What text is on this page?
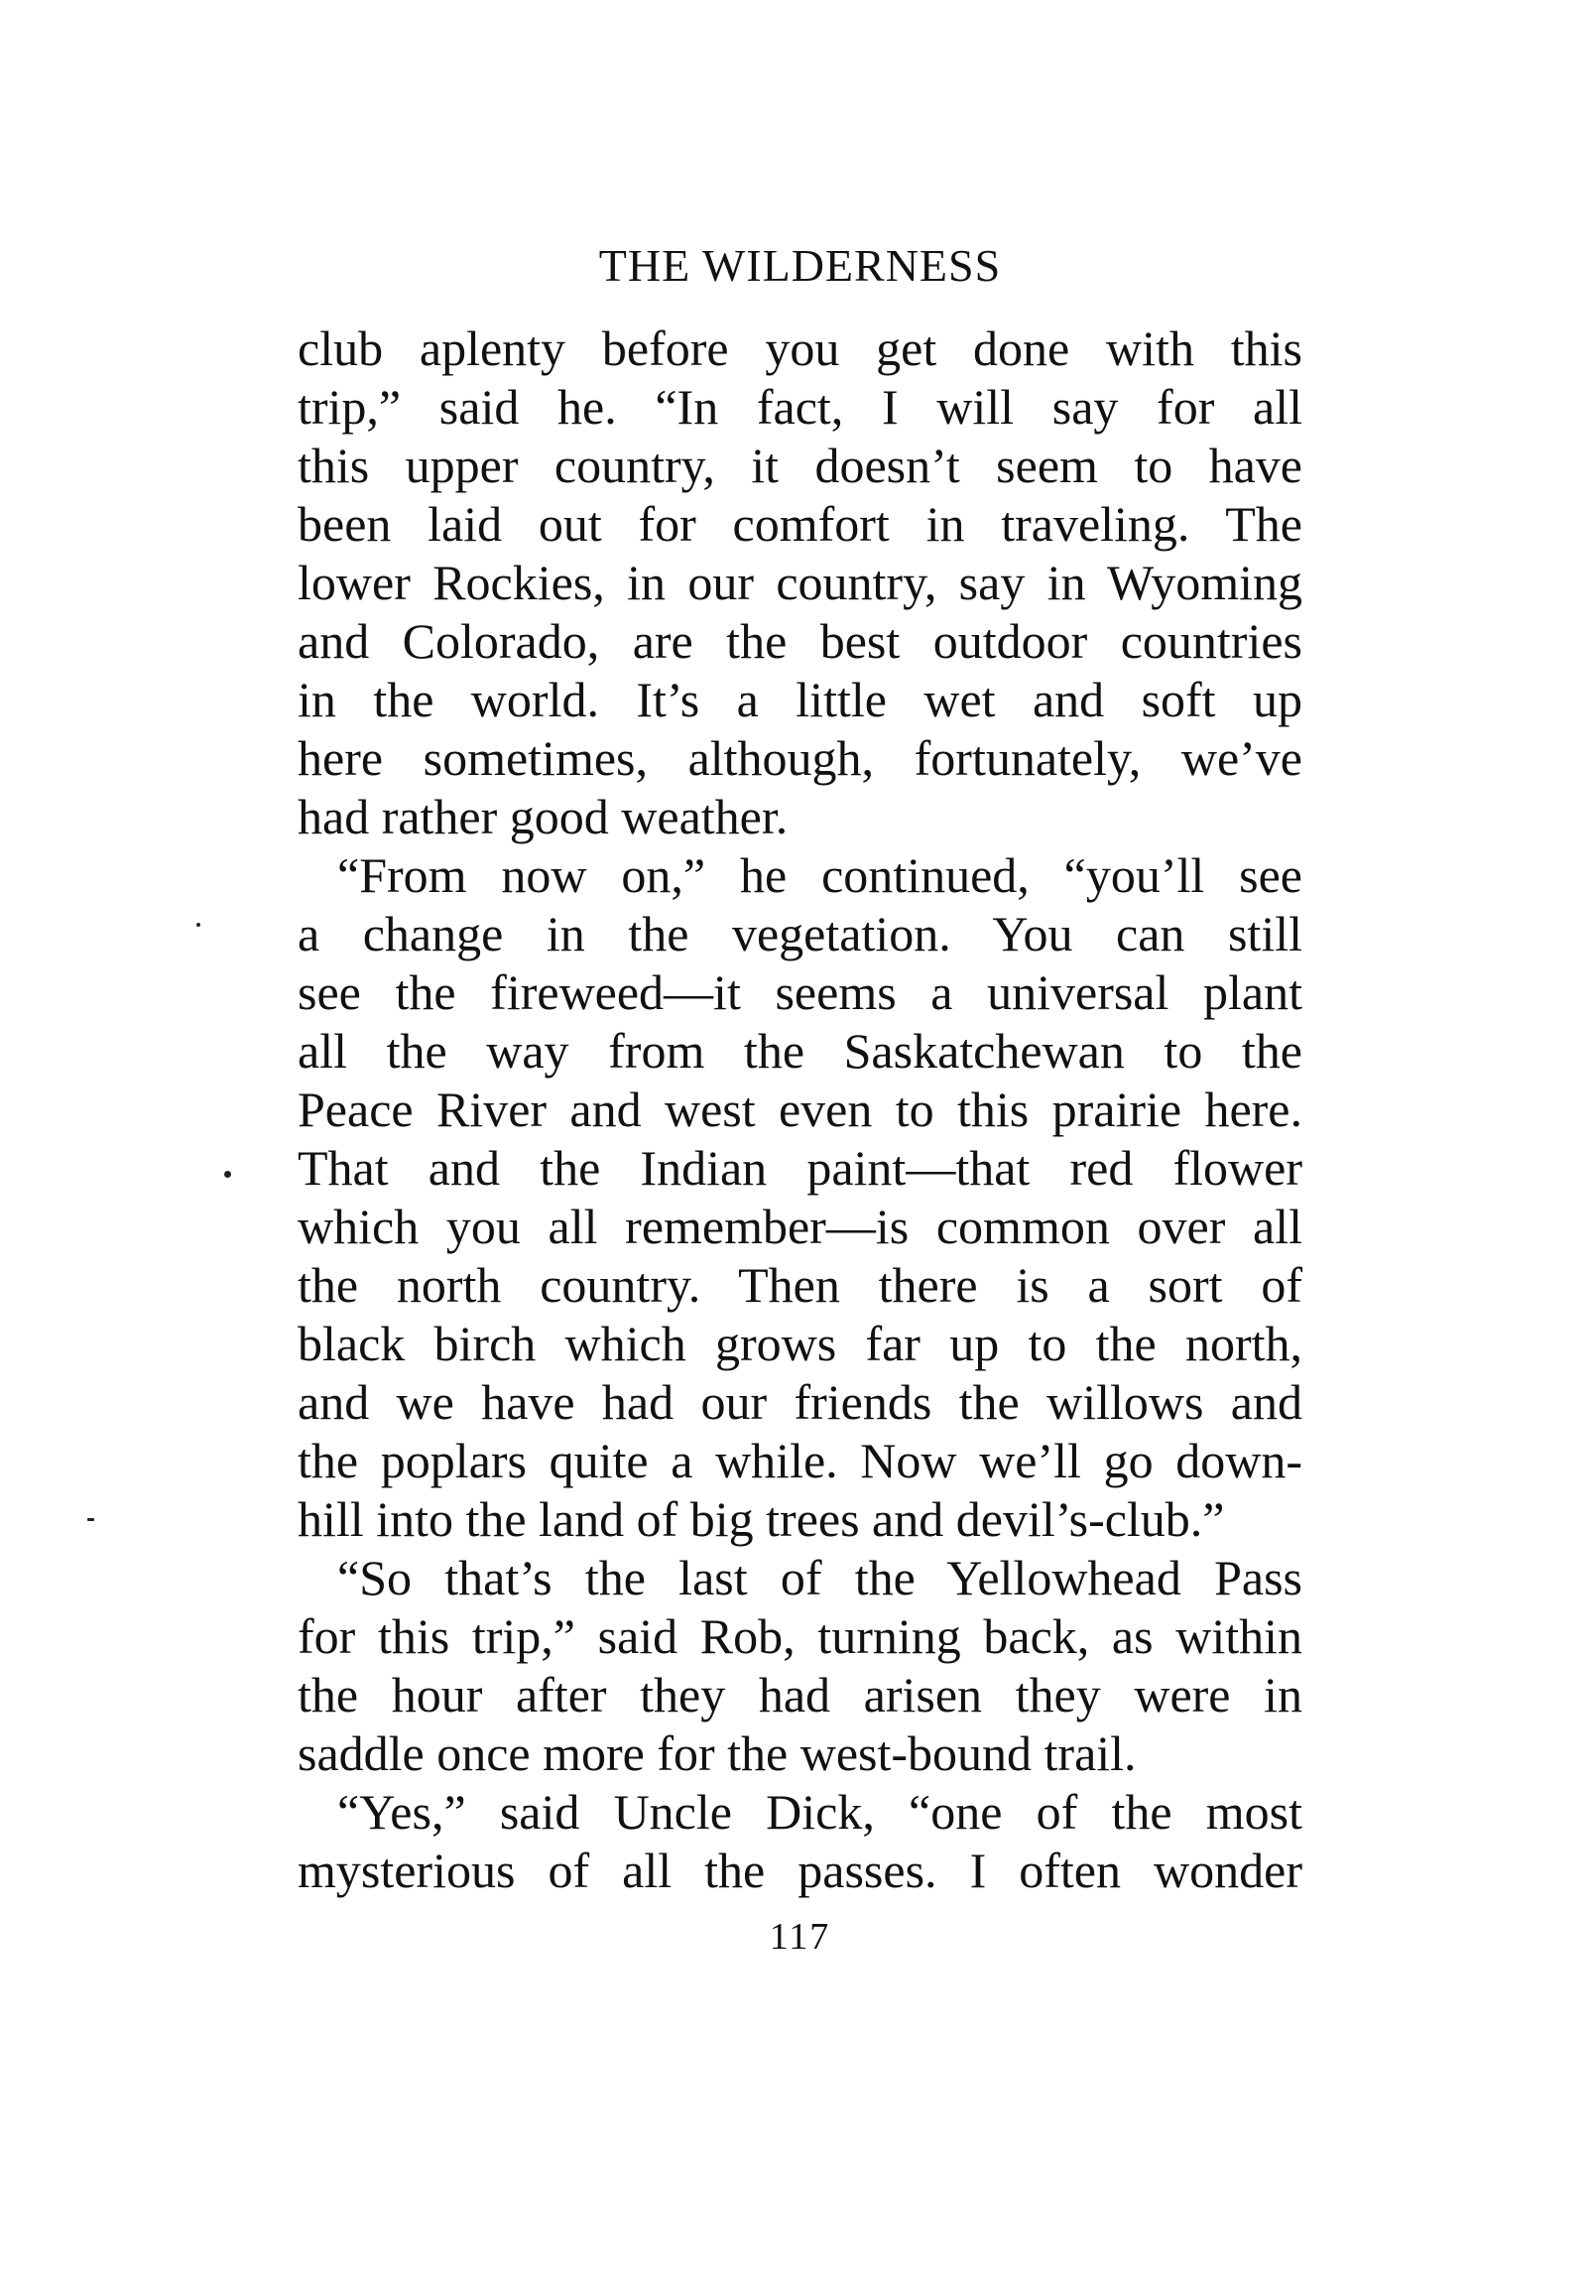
THE WILDERNESS

club aplenty before you get done with this
trip,” said he. “In fact, I will say for all
this upper country, it doesn’t seem to have
been laid out for comfort in traveling. The
lower Rockies, in our country, say in Wyoming
and Colorado, are the best outdoor countries
in the world. It’s a little wet and soft up
here sometimes, although, fortunately, we’ve
had rather good weather.

“From now on,” he continued, “you’ll see
a change in the vegetation. You can still
see the fireweed—it seems a universal plant
all the way from the Saskatchewan to the
Peace River and west even to this prairie here.
That and the Indian paint—that red flower
which you all remember—is common over all
the north country. Then there is a sort of
black birch which grows far up to the north,
and we have had our friends the willows and
the poplars quite a while. Now we’ll go down-
hill into the land of big trees and devil’s-club.”

“So that’s the last of the Yellowhead Pass
for this trip,” said Rob, turning back, as within
the hour after they had arisen they were in
saddle once more for the west-bound trail.

“Yes,” said Uncle Dick, “one of the most
mysterious of all the passes. I often wonder

117
